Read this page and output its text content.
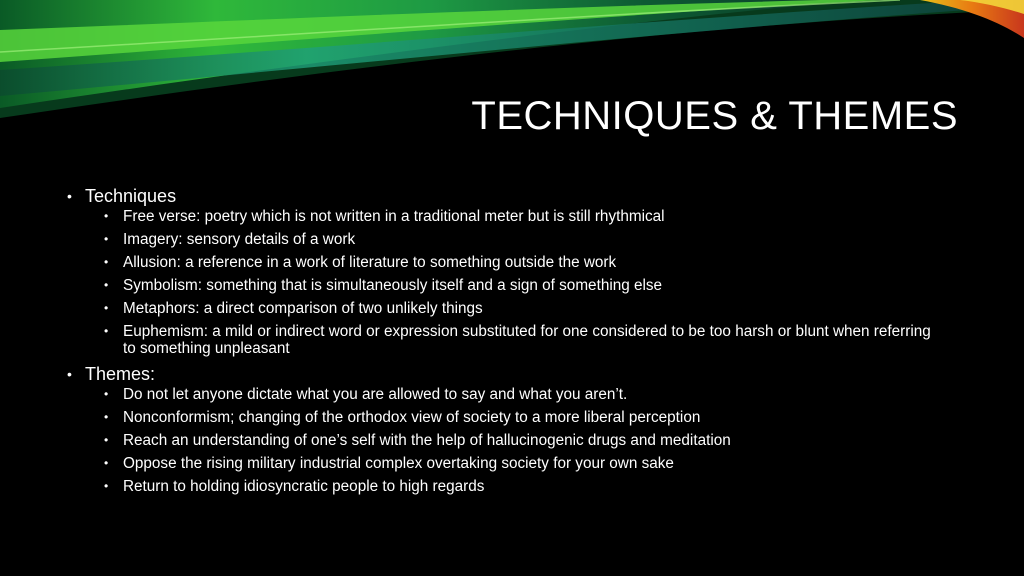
TECHNIQUES & THEMES
• Techniques
• Free verse: poetry which is not written in a traditional meter but is still rhythmical
• Imagery: sensory details of a work
• Allusion: a reference in a work of literature to something outside the work
• Symbolism: something that is simultaneously itself and a sign of something else
• Metaphors: a direct comparison of two unlikely things
• Euphemism: a mild or indirect word or expression substituted for one considered to be too harsh or blunt when referring to something unpleasant
• Themes:
• Do not let anyone dictate what you are allowed to say and what you aren’t.
• Nonconformism; changing of the orthodox view of society to a more liberal perception
• Reach an understanding of one’s self with the help of hallucinogenic drugs and meditation
• Oppose the rising military industrial complex overtaking society for your own sake
• Return to holding idiosyncratic people to high regards
